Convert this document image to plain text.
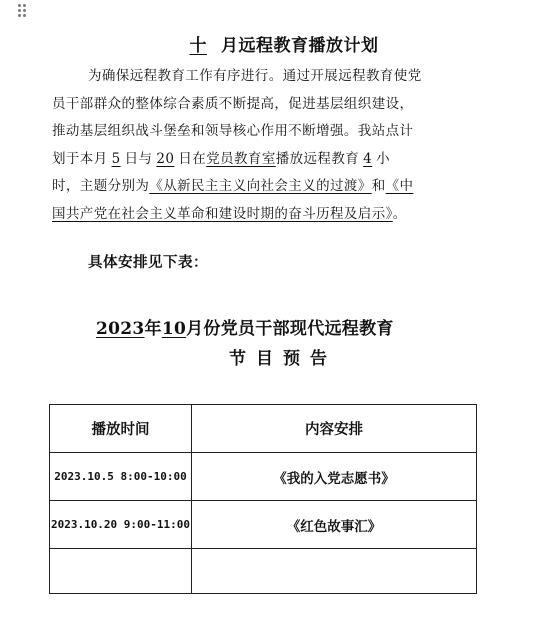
十 月远程教育播放计划
为确保远程教育工作有序进行。通过开展远程教育使党
员干部群众的整体综合素质不断提高，促进基层组织建设，
推动基层组织战斗堡垒和领导核心作用不断增强。我站点计
划于本月 5 日与 20 日在党员教育室播放远程教育 4 小
时，主题分别为《从新民主主义向社会主义的过渡》和《中
国共产党在社会主义革命和建设时期的奋斗历程及启示》。
具体安排见下表：
2023年10月份党员干部现代远程教育
节目预告
播放时间	内容安排
2023.10.5 8:00-10:00	《我的入党志愿书》
2023.10.20 9:00-11:00	《红色故事汇》
